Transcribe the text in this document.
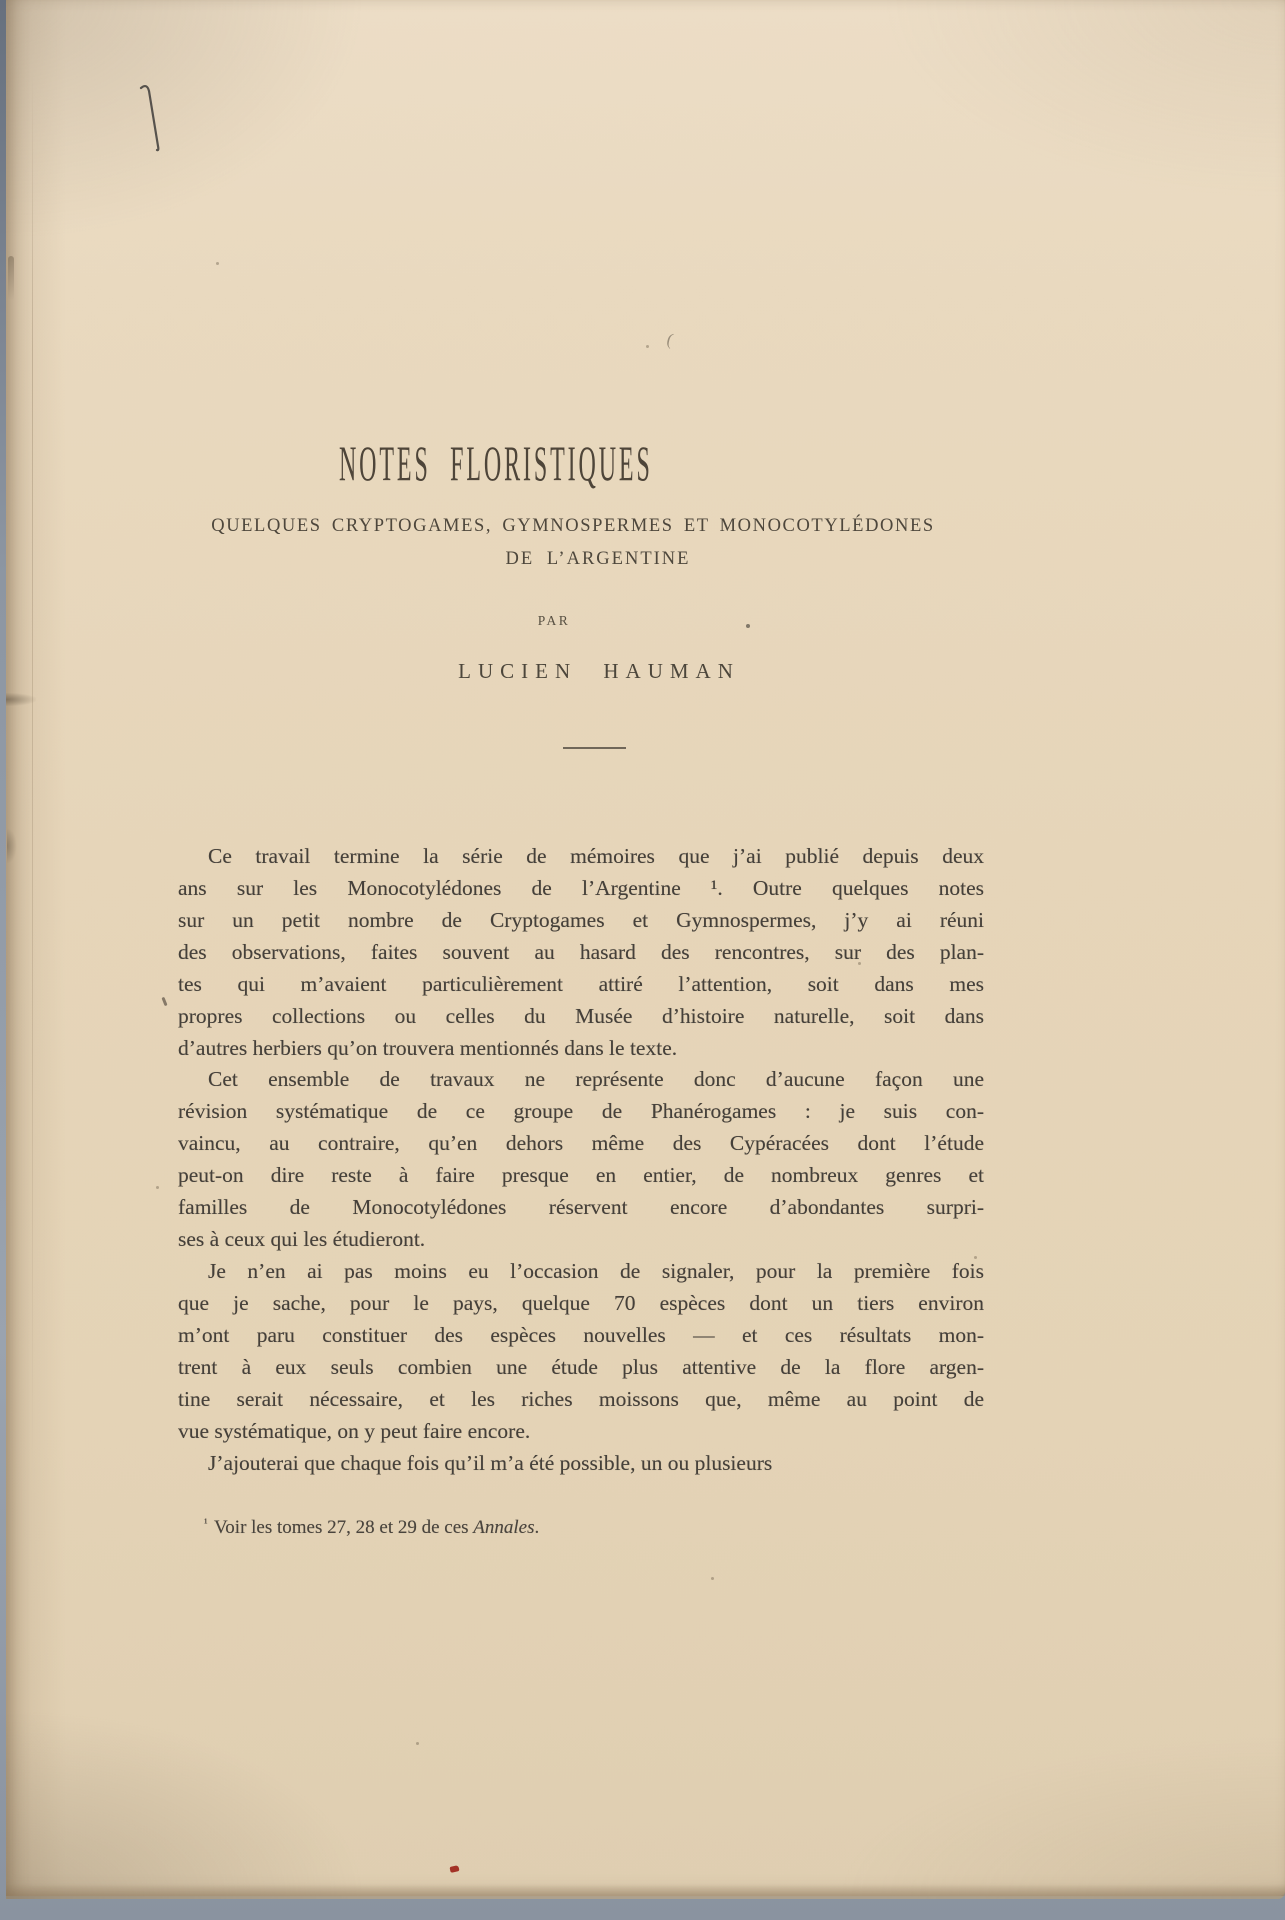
NOTES FLORISTIQUES
QUELQUES CRYPTOGAMES, GYMNOSPERMES ET MONOCOTYLÉDONES
DE L’ARGENTINE
PAR
LUCIEN HAUMAN
Ce travail termine la série de mémoires que j’ai publié depuis deux
ans sur les Monocotylédones de l’Argentine ¹. Outre quelques notes
sur un petit nombre de Cryptogames et Gymnospermes, j’y ai réuni
des observations, faites souvent au hasard des rencontres, sur des plan-
tes qui m’avaient particulièrement attiré l’attention, soit dans mes
propres collections ou celles du Musée d’histoire naturelle, soit dans
d’autres herbiers qu’on trouvera mentionnés dans le texte.
Cet ensemble de travaux ne représente donc d’aucune façon une
révision systématique de ce groupe de Phanérogames : je suis con-
vaincu, au contraire, qu’en dehors même des Cypéracées dont l’étude
peut-on dire reste à faire presque en entier, de nombreux genres et
familles de Monocotylédones réservent encore d’abondantes surpri-
ses à ceux qui les étudieront.
Je n’en ai pas moins eu l’occasion de signaler, pour la première fois
que je sache, pour le pays, quelque 70 espèces dont un tiers environ
m’ont paru constituer des espèces nouvelles — et ces résultats mon-
trent à eux seuls combien une étude plus attentive de la flore argen-
tine serait nécessaire, et les riches moissons que, même au point de
vue systématique, on y peut faire encore.
J’ajouterai que chaque fois qu’il m’a été possible, un ou plusieurs
$^{^1}$ Voir les tomes 27, 28 et 29 de ces Annales.
(
